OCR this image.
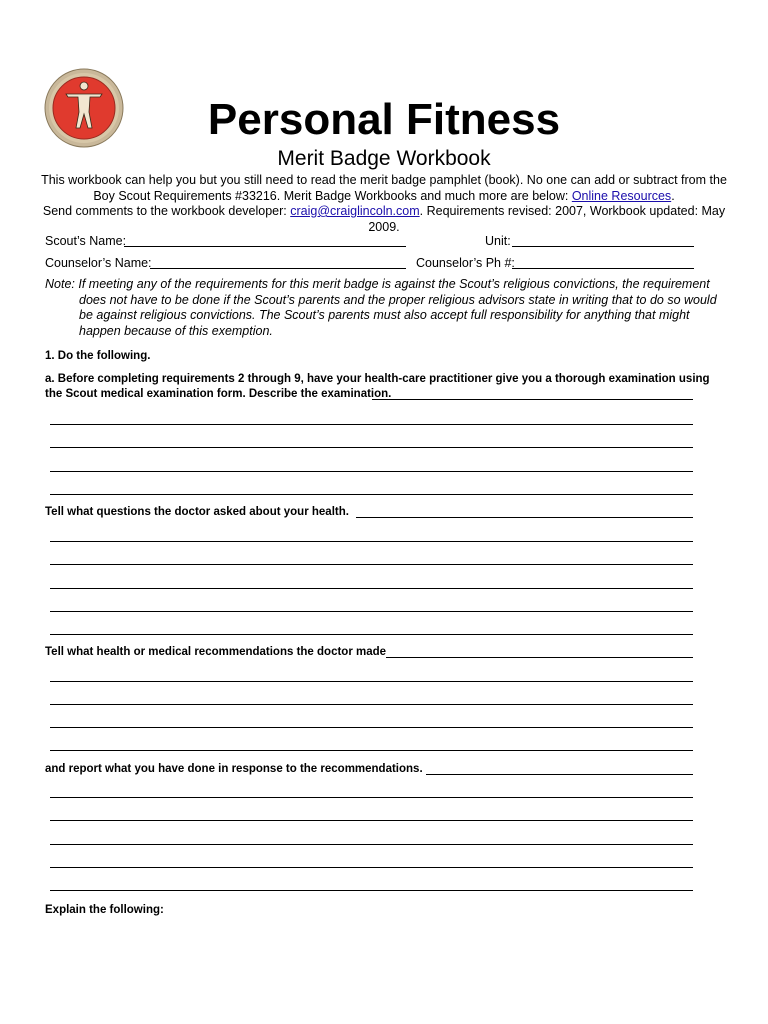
Personal Fitness
Merit Badge Workbook
This workbook can help you but you still need to read the merit badge pamphlet (book). No one can add or subtract from the Boy Scout Requirements #33216. Merit Badge Workbooks and much more are below: Online Resources.
Send comments to the workbook developer: craig@craiglincoln.com. Requirements revised: 2007, Workbook updated: May 2009.
Scout’s Name:	Unit:
Counselor’s Name:	Counselor’s Ph #:
Note: If meeting any of the requirements for this merit badge is against the Scout’s religious convictions, the requirement does not have to be done if the Scout’s parents and the proper religious advisors state in writing that to do so would be against religious convictions. The Scout’s parents must also accept full responsibility for anything that might happen because of this exemption.
1. Do the following.
a. Before completing requirements 2 through 9, have your health-care practitioner give you a thorough examination using the Scout medical examination form. Describe the examination.
Tell what questions the doctor asked about your health.
Tell what health or medical recommendations the doctor made
and report what you have done in response to the recommendations.
Explain the following:
